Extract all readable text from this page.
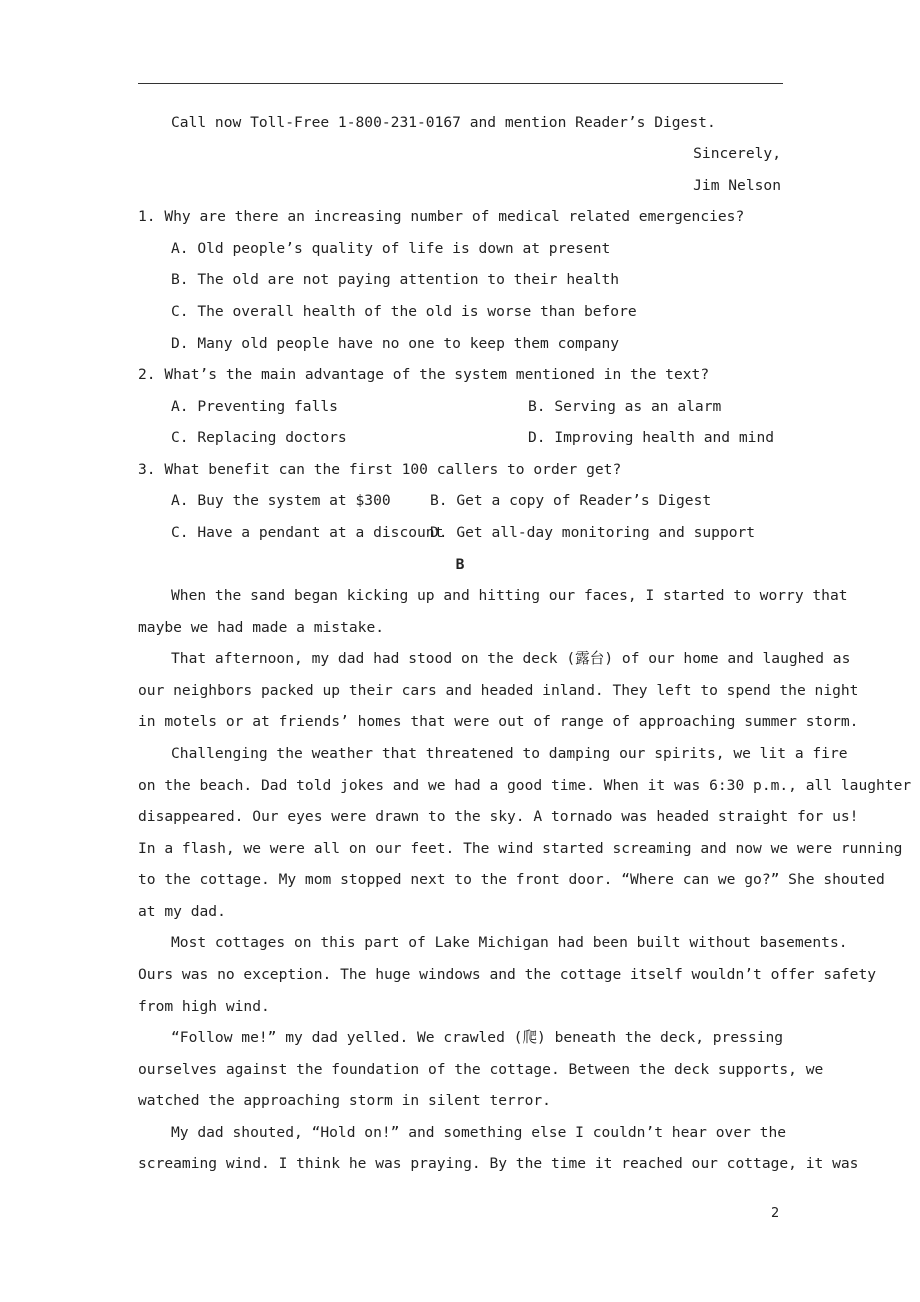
Call now Toll-Free 1-800-231-0167 and mention Reader’s Digest.
Sincerely,
Jim Nelson
1. Why are there an increasing number of medical related emergencies?
A. Old people’s quality of life is down at present
B. The old are not paying attention to their health
C. The overall health of the old is worse than before
D. Many old people have no one to keep them company
2. What’s the main advantage of the system mentioned in the text?
A. Preventing falls	B. Serving as an alarm
C. Replacing doctors	D. Improving health and mind
3. What benefit can the first 100 callers to order get?
A. Buy the system at $300	B. Get a copy of Reader’s Digest
C. Have a pendant at a discount
D. Get all-day monitoring and support
B
When the sand began kicking up and hitting our faces, I started to worry that
maybe we had made a mistake.
That afternoon, my dad had stood on the deck (露台) of our home and laughed as
our neighbors packed up their cars and headed inland. They left to spend the night
in motels or at friends’ homes that were out of range of approaching summer storm.
Challenging the weather that threatened to damping our spirits, we lit a fire
on the beach. Dad told jokes and we had a good time. When it was 6:30 p.m., all laughter
disappeared. Our eyes were drawn to the sky. A tornado was headed straight for us!
In a flash, we were all on our feet. The wind started screaming and now we were running
to the cottage. My mom stopped next to the front door. “Where can we go?” She shouted
at my dad.
Most cottages on this part of Lake Michigan had been built without basements.
Ours was no exception. The huge windows and the cottage itself wouldn’t offer safety
from high wind.
“Follow me!” my dad yelled. We crawled (爬) beneath the deck, pressing
ourselves against the foundation of the cottage. Between the deck supports, we
watched the approaching storm in silent terror.
My dad shouted, “Hold on!” and something else I couldn’t hear over the
screaming wind. I think he was praying. By the time it reached our cottage, it was
2
